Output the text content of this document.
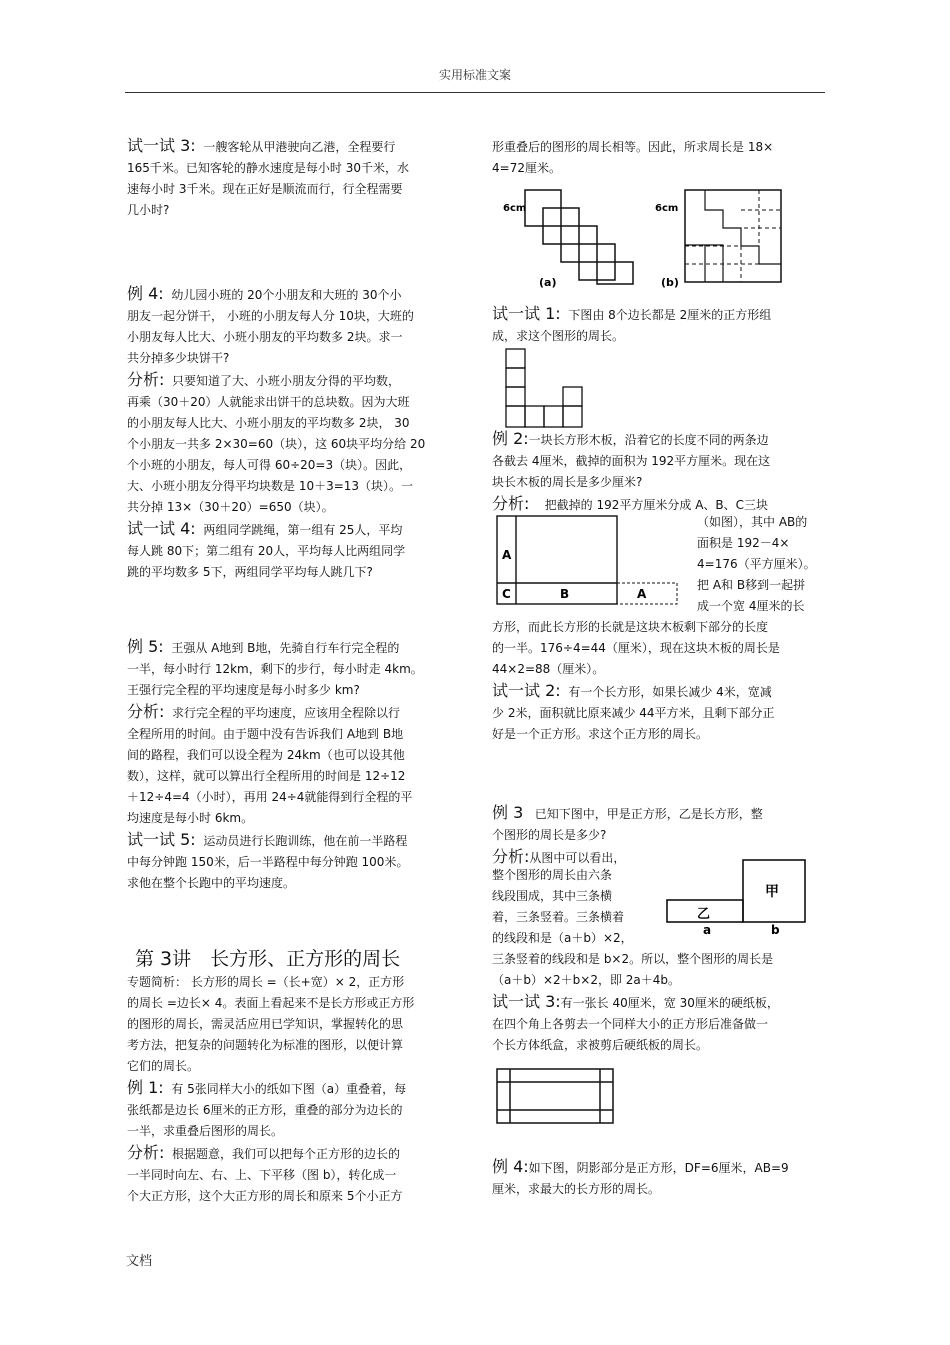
实用标准文案

试一试 3: 一艘客轮从甲港驶向乙港，全程要行

165千米。已知客轮的静水速度是每小时 30千米，水

速每小时 3千米。现在正好是顺流而行，行全程需要

几小时?

例 4: 幼儿园小班的 20个小朋友和大班的 30个小

朋友一起分饼干， 小班的小朋友每人分 10块，大班的

小朋友每人比大、小班小朋友的平均数多 2块。求一

共分掉多少块饼干?

分析: 只要知道了大、小班小朋友分得的平均数，

再乘（30＋20）人就能求出饼干的总块数。因为大班

的小朋友每人比大、小班小朋友的平均数多 2块， 30

个小朋友一共多 2×30=60（块），这 60块平均分给 20

个小班的小朋友，每人可得 60÷20=3（块）。因此，

大、小班小朋友分得平均块数是 10＋3=13（块）。一

共分掉 13×（30＋20）=650（块）。

试一试 4: 两组同学跳绳，第一组有 25人，平均

每人跳 80下；第二组有 20人，平均每人比两组同学

跳的平均数多 5下，两组同学平均每人跳几下?

例 5: 王强从 A地到 B地，先骑自行车行完全程的

一半，每小时行 12km，剩下的步行，每小时走 4km。

王强行完全程的平均速度是每小时多少 km?

分析: 求行完全程的平均速度，应该用全程除以行

全程所用的时间。由于题中没有告诉我们 A地到 B地

间的路程，我们可以设全程为 24km（也可以设其他

数），这样，就可以算出行全程所用的时间是 12÷12

＋12÷4=4（小时），再用 24÷4就能得到行全程的平

均速度是每小时 6km。

试一试 5: 运动员进行长跑训练，他在前一半路程

中每分钟跑 150米，后一半路程中每分钟跑 100米。

求他在整个长跑中的平均速度。

第 3讲　长方形、正方形的周长

专题简析： 长方形的周长 =（长+宽）× 2，正方形

的周长 =边长× 4。表面上看起来不是长方形或正方形

的图形的周长，需灵活应用已学知识，掌握转化的思

考方法，把复杂的问题转化为标准的图形，以便计算

它们的周长。

例 1: 有 5张同样大小的纸如下图（a）重叠着，每

张纸都是边长 6厘米的正方形，重叠的部分为边长的

一半，求重叠后图形的周长。

分析: 根据题意，我们可以把每个正方形的边长的

一半同时向左、右、上、下平移（图 b），转化成一

个大正方形，这个大正方形的周长和原来 5个小正方

形重叠后的图形的周长相等。因此，所求周长是 18×

4=72厘米。

6cm
(a)
6cm
(b)

试一试 1: 下图由 8个边长都是 2厘米的正方形组

成，求这个图形的周长。

例 2:一块长方形木板，沿着它的长度不同的两条边

各截去 4厘米，截掉的面积为 192平方厘米。现在这

块长木板的周长是多少厘米?

分析: 把截掉的 192平方厘米分成 A、B、C三块

（如图），其中 AB的

面积是 192－4×

4=176（平方厘米）。

把 A和 B移到一起拼

成一个宽 4厘米的长

方形，而此长方形的长就是这块木板剩下部分的长度

的一半。176÷4=44（厘米），现在这块木板的周长是

44×2=88（厘米）。

试一试 2: 有一个长方形，如果长减少 4米，宽减

少 2米，面积就比原来减少 44平方米，且剩下部分正

好是一个正方形。求这个正方形的周长。

A
C	B	A

例 3 已知下图中，甲是正方形，乙是长方形，整

个图形的周长是多少?

分析:从图中可以看出，

整个图形的周长由六条

线段围成，其中三条横

着，三条竖着。三条横着

的线段和是（a＋b）×2，

三条竖着的线段和是 b×2。所以，整个图形的周长是

（a＋b）×2＋b×2，即 2a＋4b。

试一试 3:有一张长 40厘米，宽 30厘米的硬纸板，

在四个角上各剪去一个同样大小的正方形后准备做一

个长方体纸盒，求被剪后硬纸板的周长。

甲
乙
a	b

例 4:如下图，阴影部分是正方形，DF=6厘米，AB=9

厘米，求最大的长方形的周长。

文档
